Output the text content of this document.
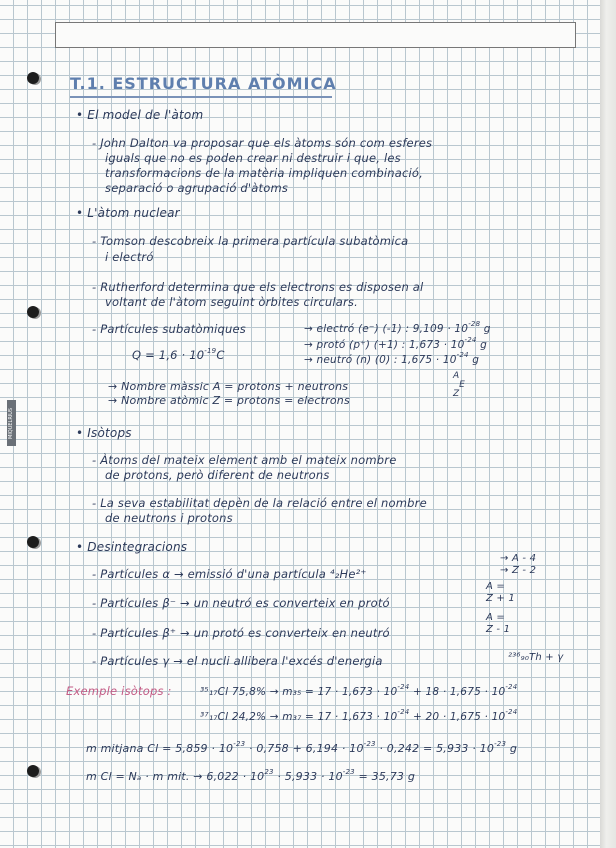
MIQUELRIUS
T.1. ESTRUCTURA ATÒMICA
• El model de l'àtom
- John Dalton va proposar que els àtoms són com esferes
iguals que no es poden crear ni destruir i que, les
transformacions de la matèria impliquen combinació,
separació o agrupació d'àtoms
• L'àtom nuclear
- Tomson descobreix la primera partícula subatòmica
i electró
- Rutherford determina que els electrons es disposen al
voltant de l'àtom seguint òrbites circulars.
- Partícules subatòmiques	→ electró (e⁻) (-1) : $9,109 \cdot 10^{-28}$ g
→ protó (p⁺) (+1) : $1,673 \cdot 10^{-24}$ g
→ neutró (n) (0) : $1,675 \cdot 10^{-24}$ g
$Q = 1,6 \cdot 10^{-19}C$
→ Nombre màssic A = protons + neutrons
→ Nombre atòmic Z = protons = electrons
A
E
Z
• Isòtops
- Àtoms del mateix element amb el mateix nombre
de protons, però diferent de neutrons
- La seva estabilitat depèn de la relació entre el nombre
de neutrons i protons
• Desintegracions
- Partícules α → emissió d'una partícula ⁴₂He²⁺
→ A - 4
→ Z - 2
- Partícules β⁻ → un neutró es converteix en protó
A =
Z + 1
- Partícules β⁺ → un protó es converteix en neutró
A =
Z - 1
- Partícules γ → el nucli allibera l'excés d'energia	²³⁶₉₀Th + γ
Exemple isòtops :	³⁵₁₇Cl $75,8\% \to m_{35} = 17 \cdot 1,673 \cdot 10^{-24} + 18 \cdot 1,675 \cdot 10^{-24}$
³⁷₁₇Cl $24,2\% \to m_{37} = 17 \cdot 1,673 \cdot 10^{-24} + 20 \cdot 1,675 \cdot 10^{-24}$
m mitjana $Cl = 5,859 \cdot 10^{-23} \cdot 0,758 + 6,194 \cdot 10^{-23} \cdot 0,242 = 5,933 \cdot 10^{-23}$ g
m Cl = Nₐ · m mit. → $6,022 \cdot 10^{23} \cdot 5,933 \cdot 10^{-23} = 35,73$ g
